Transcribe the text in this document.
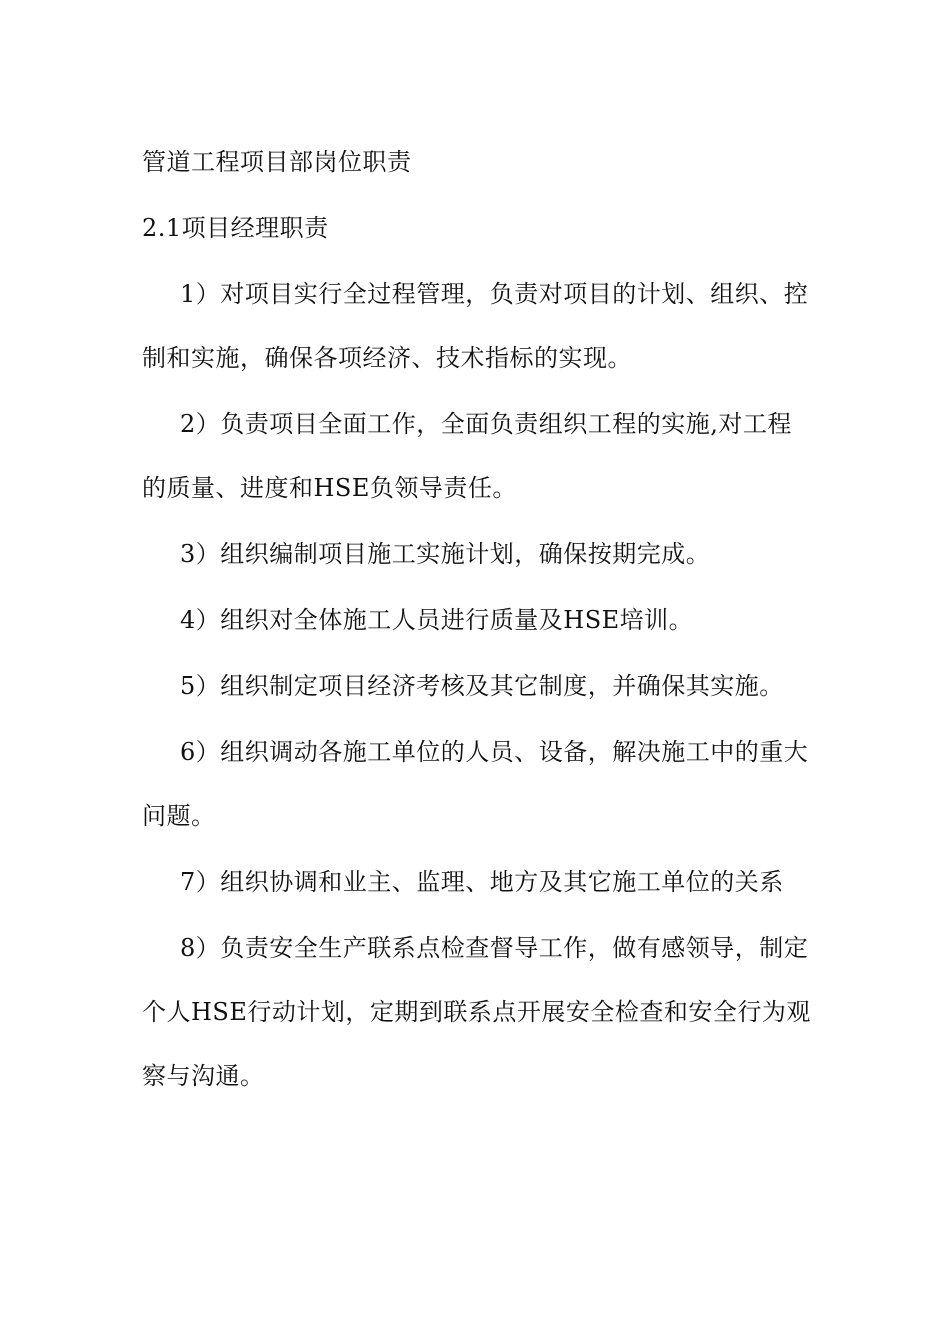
管道工程项目部岗位职责

2.1项目经理职责

1）对项目实行全过程管理，负责对项目的计划、组织、控制和实施，确保各项经济、技术指标的实现。

2）负责项目全面工作，全面负责组织工程的实施,对工程的质量、进度和HSE负领导责任。

3）组织编制项目施工实施计划，确保按期完成。

4）组织对全体施工人员进行质量及HSE培训。

5）组织制定项目经济考核及其它制度，并确保其实施。

6）组织调动各施工单位的人员、设备，解决施工中的重大问题。

7）组织协调和业主、监理、地方及其它施工单位的关系

8）负责安全生产联系点检查督导工作，做有感领导，制定个人HSE行动计划，定期到联系点开展安全检查和安全行为观察与沟通。
